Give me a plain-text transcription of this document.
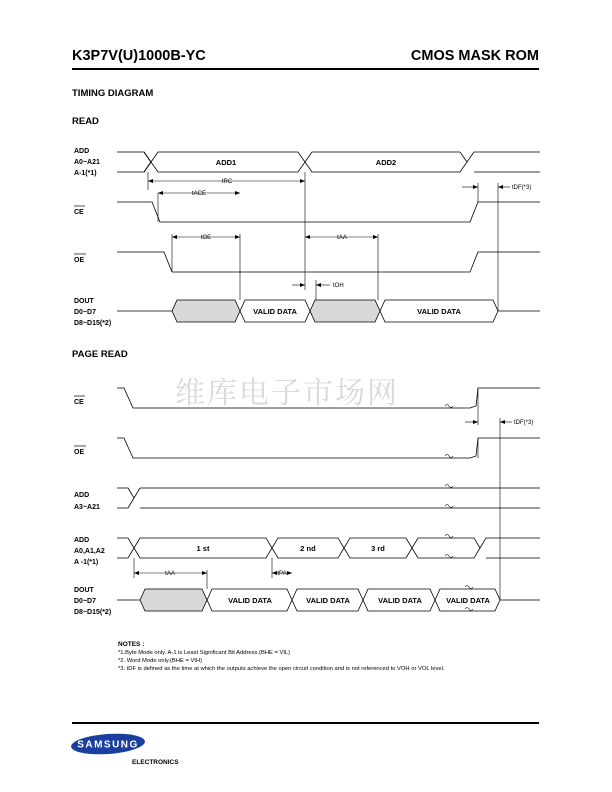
K3P7V(U)1000B-YC	CMOS MASK ROM
TIMING DIAGRAM
READ
PAGE READ
维库电子市场网
ADD
A0~A21
A-1(*1)
CE
OE
DOUT
D0~D7
D8~D15(*2)
ADD1	ADD2
VALID DATA	VALID DATA
tRC
tACE
tOE	tAA
tOH
tDF(*3)
CE
OE
ADD
A3~A21
ADD
A0,A1,A2
A -1(*1)
DOUT
D0~D7
D8~D15(*2)
1 st	2 nd	3 rd
VALID DATA	VALID DATA	VALID DATA	VALID DATA
tAA	tPA
tDF(*3)
NOTES :
*1.Byte Mode only. A-1 is Least Significant Bit Address.(BHE = VIL)
*2. Word Mode only.(BHE = VIH)
*3. tDF is defined as the time at which the outputs achieve the open circuit condition and is not referenced to VOH or VOL level.
SAMSUNG
ELECTRONICS
